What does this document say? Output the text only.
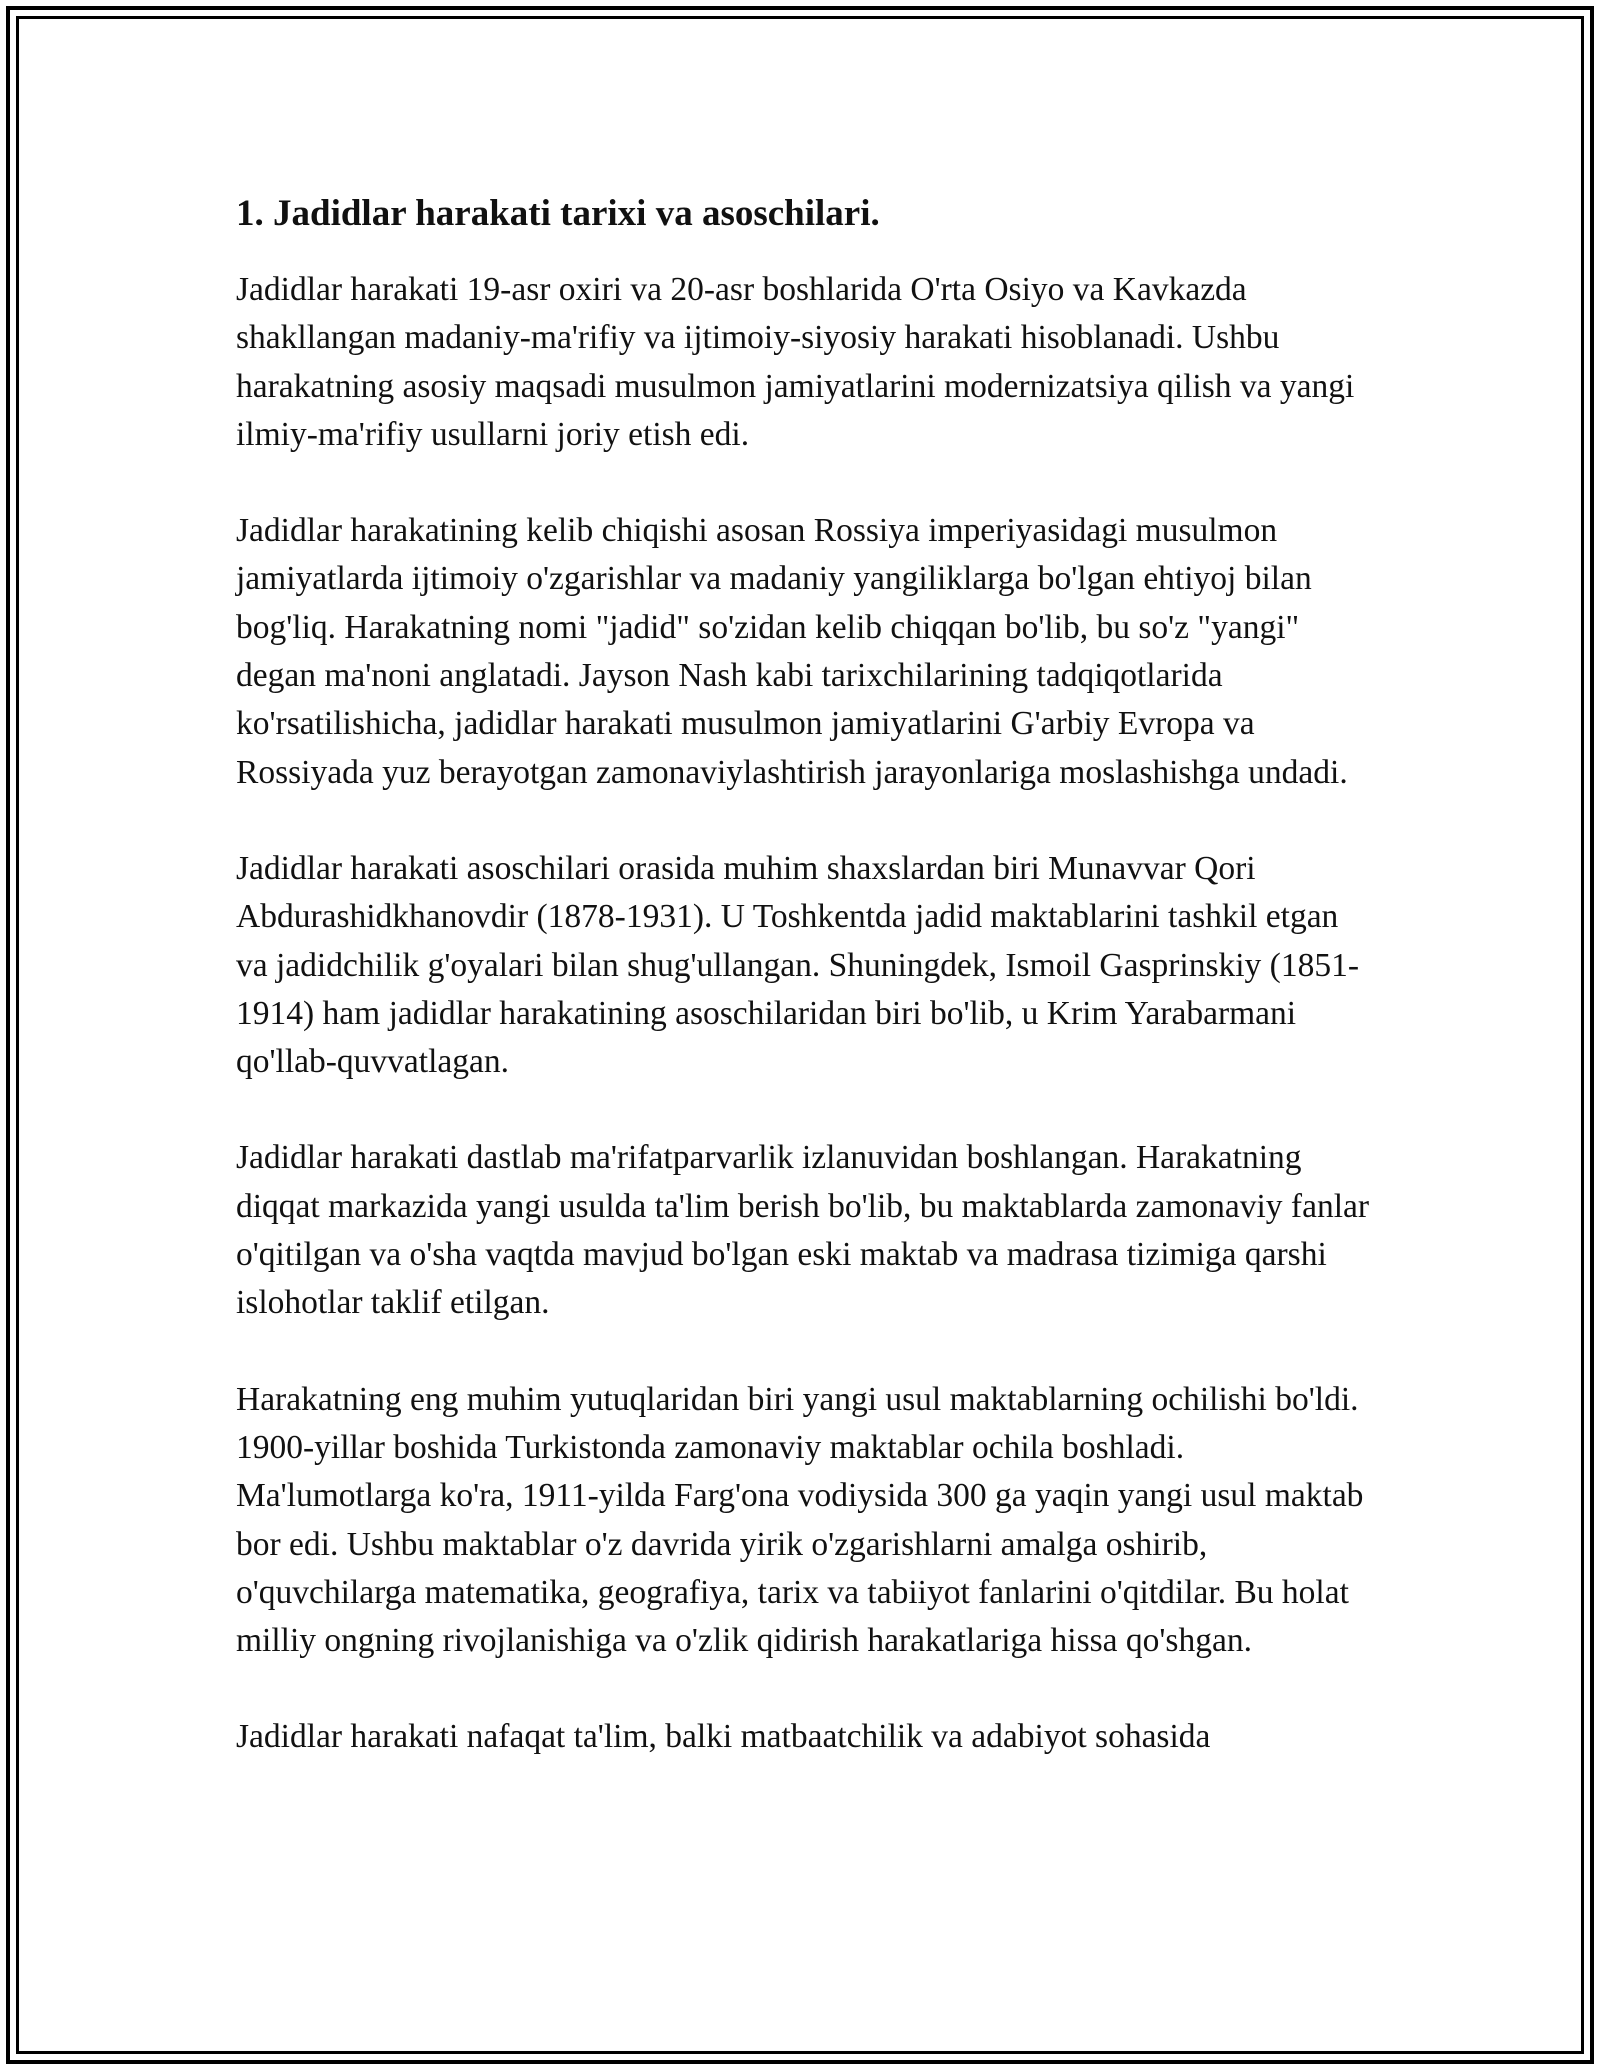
1. Jadidlar harakati tarixi va asoschilari.

Jadidlar harakati 19-asr oxiri va 20-asr boshlarida O'rta Osiyo va Kavkazda shakllangan madaniy-ma'rifiy va ijtimoiy-siyosiy harakati hisoblanadi. Ushbu harakatning asosiy maqsadi musulmon jamiyatlarini modernizatsiya qilish va yangi ilmiy-ma'rifiy usullarni joriy etish edi.

Jadidlar harakatining kelib chiqishi asosan Rossiya imperiyasidagi musulmon jamiyatlarda ijtimoiy o'zgarishlar va madaniy yangiliklarga bo'lgan ehtiyoj bilan bog'liq. Harakatning nomi "jadid" so'zidan kelib chiqqan bo'lib, bu so'z "yangi" degan ma'noni anglatadi. Jayson Nash kabi tarixchilarining tadqiqotlarida ko'rsatilishicha, jadidlar harakati musulmon jamiyatlarini G'arbiy Evropa va Rossiyada yuz berayotgan zamonaviylashtirish jarayonlariga moslashishga undadi.

Jadidlar harakati asoschilari orasida muhim shaxslardan biri Munavvar Qori Abdurashidkhanovdir (1878-1931). U Toshkentda jadid maktablarini tashkil etgan va jadidchilik g'oyalari bilan shug'ullangan. Shuningdek, Ismoil Gasprinskiy (1851-1914) ham jadidlar harakatining asoschilaridan biri bo'lib, u Krim Yarabarmani qo'llab-quvvatlagan.

Jadidlar harakati dastlab ma'rifatparvarlik izlanuvidan boshlangan. Harakatning diqqat markazida yangi usulda ta'lim berish bo'lib, bu maktablarda zamonaviy fanlar o'qitilgan va o'sha vaqtda mavjud bo'lgan eski maktab va madrasa tizimiga qarshi islohotlar taklif etilgan.

Harakatning eng muhim yutuqlaridan biri yangi usul maktablarning ochilishi bo'ldi. 1900-yillar boshida Turkistonda zamonaviy maktablar ochila boshladi. Ma'lumotlarga ko'ra, 1911-yilda Farg'ona vodiysida 300 ga yaqin yangi usul maktab bor edi. Ushbu maktablar o'z davrida yirik o'zgarishlarni amalga oshirib, o'quvchilarga matematika, geografiya, tarix va tabiiyot fanlarini o'qitdilar. Bu holat milliy ongning rivojlanishiga va o'zlik qidirish harakatlariga hissa qo'shgan.

Jadidlar harakati nafaqat ta'lim, balki matbaatchilik va adabiyot sohasida
